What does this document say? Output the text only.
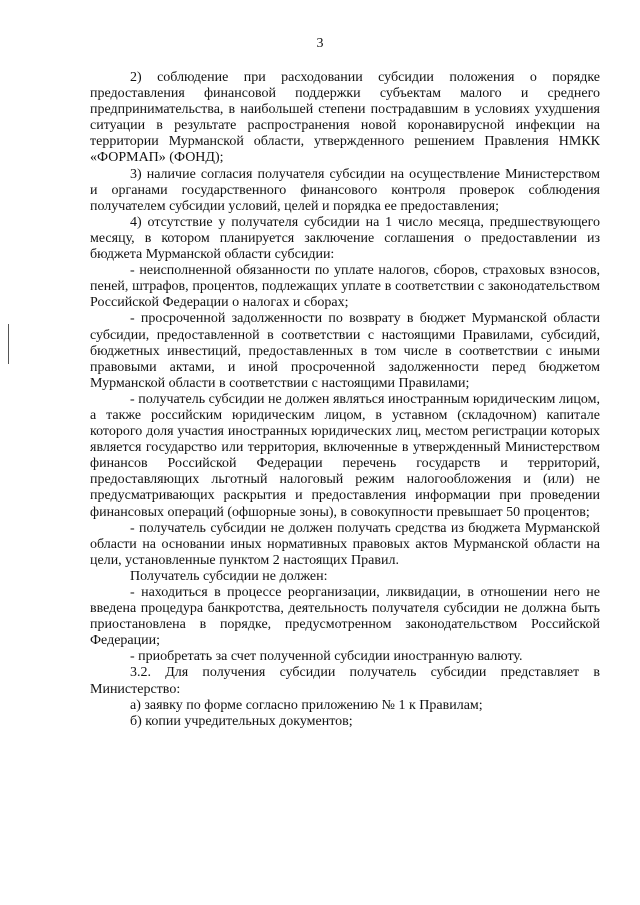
3

2) соблюдение при расходовании субсидии положения о порядке предоставления финансовой поддержки субъектам малого и среднего предпринимательства, в наибольшей степени пострадавшим в условиях ухудшения ситуации в результате распространения новой коронавирусной инфекции на территории Мурманской области, утвержденного решением Правления НМКК «ФОРМАП» (ФОНД);

3) наличие согласия получателя субсидии на осуществление Министерством и органами государственного финансового контроля проверок соблюдения получателем субсидии условий, целей и порядка ее предоставления;

4) отсутствие у получателя субсидии на 1 число месяца, предшествующего месяцу, в котором планируется заключение соглашения о предоставлении из бюджета Мурманской области субсидии:

- неисполненной обязанности по уплате налогов, сборов, страховых взносов, пеней, штрафов, процентов, подлежащих уплате в соответствии с законодательством Российской Федерации о налогах и сборах;

- просроченной задолженности по возврату в бюджет Мурманской области субсидии, предоставленной в соответствии с настоящими Правилами, субсидий, бюджетных инвестиций, предоставленных в том числе в соответствии с иными правовыми актами, и иной просроченной задолженности перед бюджетом Мурманской области в соответствии с настоящими Правилами;

- получатель субсидии не должен являться иностранным юридическим лицом, а также российским юридическим лицом, в уставном (складочном) капитале которого доля участия иностранных юридических лиц, местом регистрации которых является государство или территория, включенные в утвержденный Министерством финансов Российской Федерации перечень государств и территорий, предоставляющих льготный налоговый режим налогообложения и (или) не предусматривающих раскрытия и предоставления информации при проведении финансовых операций (офшорные зоны), в совокупности превышает 50 процентов;

- получатель субсидии не должен получать средства из бюджета Мурманской области на основании иных нормативных правовых актов Мурманской области на цели, установленные пунктом 2 настоящих Правил.

Получатель субсидии не должен:

- находиться в процессе реорганизации, ликвидации, в отношении него не введена процедура банкротства, деятельность получателя субсидии не должна быть приостановлена в порядке, предусмотренном законодательством Российской Федерации;

- приобретать за счет полученной субсидии иностранную валюту.

3.2. Для получения субсидии получатель субсидии представляет в Министерство:

а) заявку по форме согласно приложению № 1 к Правилам;

б) копии учредительных документов;
